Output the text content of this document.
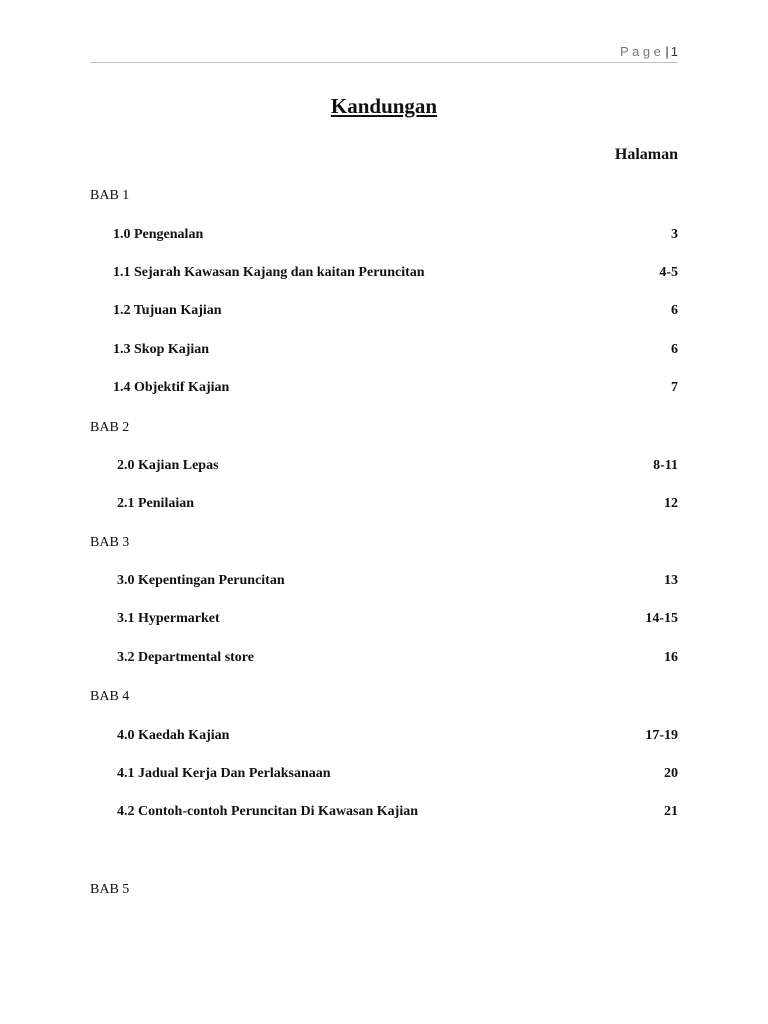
Page| 1
Kandungan
Halaman
BAB 1
1.0 Pengenalan	3
1.1 Sejarah Kawasan Kajang dan kaitan Peruncitan	4-5
1.2 Tujuan Kajian	6
1.3 Skop Kajian	6
1.4 Objektif Kajian	7
BAB 2
2.0 Kajian Lepas	8-11
2.1 Penilaian	12
BAB 3
3.0 Kepentingan Peruncitan	13
3.1 Hypermarket	14-15
3.2 Departmental store	16
BAB 4
4.0 Kaedah Kajian	17-19
4.1 Jadual Kerja Dan Perlaksanaan	20
4.2 Contoh-contoh Peruncitan Di Kawasan Kajian	21
BAB 5
